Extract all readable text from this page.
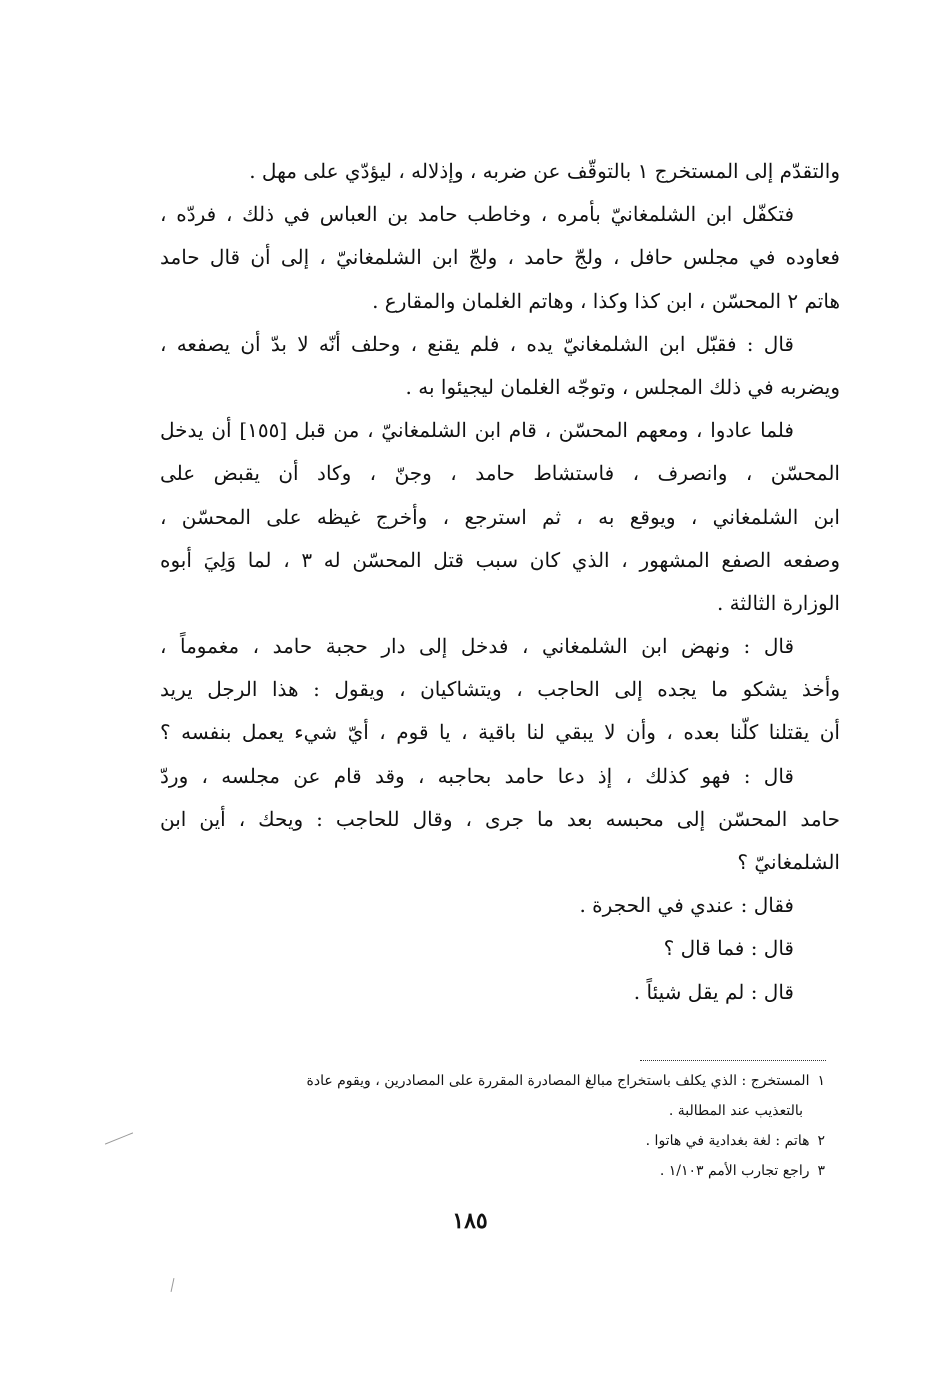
والتقدّم إلى المستخرج ١ بالتوقّف عن ضربه ، وإذلاله ، ليؤدّي على مهل .
فتكفّل ابن الشلمغانيّ بأمره ، وخاطب حامد بن العباس في ذلك ، فردّه ،
فعاوده في مجلس حافل ، ولجّ حامد ، ولجّ ابن الشلمغانيّ ، إلى أن قال حامد
هاتم ٢ المحسّن ، ابن كذا وكذا ، وهاتم الغلمان والمقارع .
قال : فقبّل ابن الشلمغانيّ يده ، فلم يقنع ، وحلف أنّه لا بدّ أن يصفعه ،
ويضربه في ذلك المجلس ، وتوجّه الغلمان ليجيئوا به .
فلما عادوا ، ومعهم المحسّن ، قام ابن الشلمغانيّ ، من قبل [١٥٥] أن يدخل
المحسّن ، وانصرف ، فاستشاط حامد ، وجنّ ، وكاد أن يقبض على
ابن الشلمغاني ، ويوقع به ، ثم استرجع ، وأخرج غيظه على المحسّن ،
وصفعه الصفع المشهور ، الذي كان سبب قتل المحسّن له ٣ ، لما وَلِيَ أبوه
الوزارة الثالثة .
قال : ونهض ابن الشلمغاني ، فدخل إلى دار حجبة حامد ، مغموماً ،
وأخذ يشكو ما يجده إلى الحاجب ، ويتشاكيان ، ويقول : هذا الرجل يريد
أن يقتلنا كلّنا بعده ، وأن لا يبقي لنا باقية ، يا قوم ، أيّ شيء يعمل بنفسه ؟
قال : فهو كذلك ، إذ دعا حامد بحاجبه ، وقد قام عن مجلسه ، وردّ
حامد المحسّن إلى محبسه بعد ما جرى ، وقال للحاجب : ويحك ، أين ابن
الشلمغانيّ ؟
فقال : عندي في الحجرة .
قال : فما قال ؟
قال : لم يقل شيئاً .
١المستخرج : الذي يكلف باستخراج مبالغ المصادرة المقررة على المصادرين ، ويقوم عادة
بالتعذيب عند المطالبة .
٢هاتم : لغة بغدادية في هاتوا .
٣راجع تجارب الأمم ١/١٠٣ .
١٨٥
